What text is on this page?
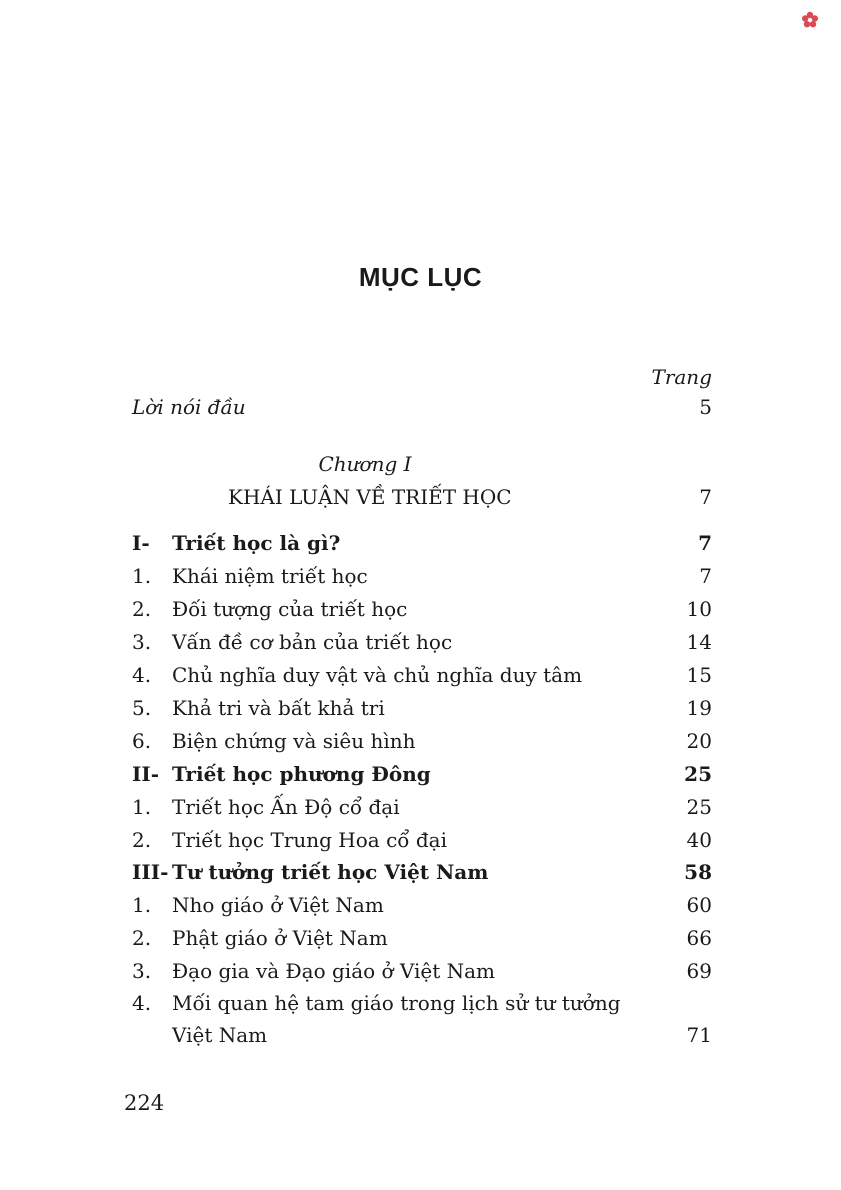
MỤC LỤC
Trang
Lời nói đầu	5
Chương I
KHÁI LUẬN VỀ TRIẾT HỌC	7
I- Triết học là gì?	7
1. Khái niệm triết học	7
2. Đối tượng của triết học	10
3. Vấn đề cơ bản của triết học	14
4. Chủ nghĩa duy vật và chủ nghĩa duy tâm	15
5. Khả tri và bất khả tri	19
6. Biện chứng và siêu hình	20
II- Triết học phương Đông	25
1. Triết học Ấn Độ cổ đại	25
2. Triết học Trung Hoa cổ đại	40
III- Tư tưởng triết học Việt Nam	58
1. Nho giáo ở Việt Nam	60
2. Phật giáo ở Việt Nam	66
3. Đạo gia và Đạo giáo ở Việt Nam	69
4. Mối quan hệ tam giáo trong lịch sử tư tưởng
Việt Nam	71
224
